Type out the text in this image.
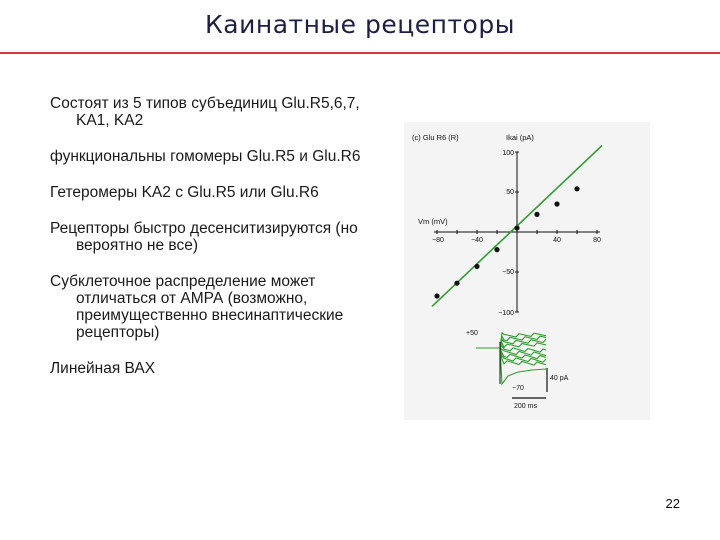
Каинатные рецепторы
Состоят из 5 типов субъединиц Glu.R5,6,7, KA1, KA2
функциональны гомомеры Glu.R5 и Glu.R6
Гетеромеры KA2 с Glu.R5 или Glu.R6
Рецепторы быстро десенситизируются (но вероятно не все)
Субклеточное распределение может отличаться от АМРА (возможно, преимущественно внесинаптические рецепторы)
Линейная ВАХ
(c) Glu R6 (R)	Ikai (pA)
Vm (mV)
−80	−40	40	80
100
50
−50
−100
+50
−70
40 pA
200 ms
22
